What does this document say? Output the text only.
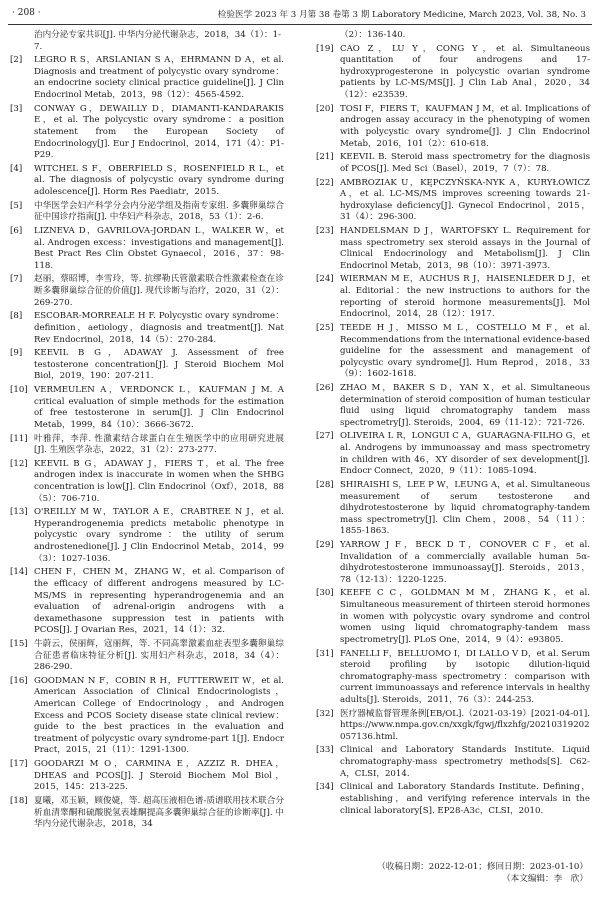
· 208 ·	检验医学 2023 年 3 月第 38 卷第 3 期 Laboratory Medicine, March 2023, Vol. 38, No. 3
治内分泌专家共识[J]. 中华内分泌代谢杂志，2018，34（1）：1-7.
[2]	LEGRO R S，ARSLANIAN S A，EHRMANN D A，et al. Diagnosis and treatment of polycystic ovary syndrome：an endocrine society clinical practice guideline[J]. J Clin Endocrinol Metab，2013，98（12）：4565-4592.
[3]	CONWAY G，DEWAILLY D，DIAMANTI-KANDARAKIS E，et al. The polycystic ovary syndrome：a position statement from the European Society of Endocrinology[J]. Eur J Endocrinol，2014，171（4）：P1-P29.
[4]	WITCHEL S F，OBERFIELD S，ROSENFIELD R L，et al. The diagnosis of polycystic ovary syndrome during adolescence[J]. Horm Res Paediatr，2015.
[5]	中华医学会妇产科学分会内分泌学组及指南专家组. 多囊卵巢综合征中国诊疗指南[J]. 中华妇产科杂志，2018，53（1）：2-6.
[6]	LIZNEVA D，GAVRILOVA-JORDAN L，WALKER W，et al. Androgen excess：investigations and management[J]. Best Pract Res Clin Obstet Gynaecol，2016，37：98-118.
[7]	赵丽，蔡昭博，李雪玲，等. 抗缪勒氏管激素联合性激素检查在诊断多囊卵巢综合征的价值[J]. 现代诊断与治疗，2020，31（2）：269-270.
[8]	ESCOBAR-MORREALE H F. Polycystic ovary syndrome：definition，aetiology，diagnosis and treatment[J]. Nat Rev Endocrinol，2018，14（5）：270-284.
[9]	KEEVIL B G，ADAWAY J. Assessment of free testosterone concentration[J]. J Steroid Biochem Mol Biol，2019，190：207-211.
[10] VERMEULEN A，VERDONCK L，KAUFMAN J M. A critical evaluation of simple methods for the estimation of free testosterone in serum[J]. J Clin Endocrinol Metab，1999，84（10）：3666-3672.
[11] 叶雅萍，李萍. 性激素结合球蛋白在生殖医学中的应用研究进展[J]. 生殖医学杂志，2022，31（2）：273-277.
[12] KEEVIL B G，ADAWAY J，FIERS T，et al. The free androgen index is inaccurate in women when the SHBG concentration is low[J]. Clin Endocrinol（Oxf），2018，88（5）：706-710.
[13] O'REILLY M W，TAYLOR A E，CRABTREE N J，et al. Hyperandrogenemia predicts metabolic phenotype in polycystic ovary syndrome：the utility of serum androstenedione[J]. J Clin Endocrinol Metab，2014，99（3）：1027-1036.
[14] CHEN F，CHEN M，ZHANG W，et al. Comparison of the efficacy of different androgens measured by LC-MS/MS in representing hyperandrogenemia and an evaluation of adrenal-origin androgens with a dexamethasone suppression test in patients with PCOS[J]. J Ovarian Res，2021，14（1）：32.
[15] 牛蔚云，侯丽辉，寇丽辉，等. 不同高睾激素血症表型多囊卵巢综合征患者临床特征分析[J]. 实用妇产科杂志，2018，34（4）：286-290.
[16] GOODMAN N F，COBIN R H，FUTTERWEIT W，et al. American Association of Clinical Endocrinologists，American College of Endocrinology，and Androgen Excess and PCOS Society disease state clinical review：guide to the best practices in the evaluation and treatment of polycystic ovary syndrome-part 1[J]. Endocr Pract，2015，21（11）：1291-1300.
[17] GOODARZI M O，CARMINA E，AZZIZ R. DHEA，DHEAS and PCOS[J]. J Steroid Biochem Mol Biol，2015，145：213-225.
[18] 夏曦，邓玉颖，顾俊婕，等. 超高压液相色谱-质谱联用技术联合分析血清睾酮和硫酸脱氢表雄酮提高多囊卵巢综合征的诊断率[J]. 中华内分泌代谢杂志，2018，34
（2）：136-140.
[19] CAO Z，LU Y，CONG Y，et al. Simultaneous quantitation of four androgens and 17-hydroxyprogesterone in polycystic ovarian syndrome patients by LC-MS/MS[J]. J Clin Lab Anal，2020，34（12）：e23539.
[20] TOSI F，FIERS T，KAUFMAN J M，et al. Implications of androgen assay accuracy in the phenotyping of women with polycystic ovary syndrome[J]. J Clin Endocrinol Metab，2016，101（2）：610-618.
[21] KEEVIL B. Steroid mass spectrometry for the diagnosis of PCOS[J]. Med Sci（Basel），2019，7（7）：78.
[22] AMBROZIAK U，KĘPCZYŃSKA-NYK A，KURYŁOWICZ A，et al. LC-MS/MS improves screening towards 21-hydroxylase deficiency[J]. Gynecol Endocrinol，2015，31（4）：296-300.
[23] HANDELSMAN D J，WARTOFSKY L. Requirement for mass spectrometry sex steroid assays in the Journal of Clinical Endocrinology and Metabolism[J]. J Clin Endocrinol Metab，2013，98（10）：3971-3973.
[24] WIERMAN M E，AUCHUS R J，HAISENLEDER D J，et al. Editorial：the new instructions to authors for the reporting of steroid hormone measurements[J]. Mol Endocrinol，2014，28（12）：1917.
[25] TEEDE H J，MISSO M L，COSTELLO M F，et al. Recommendations from the international evidence-based guideline for the assessment and management of polycystic ovary syndrome[J]. Hum Reprod，2018，33（9）：1602-1618.
[26] ZHAO M，BAKER S D，YAN X，et al. Simultaneous determination of steroid composition of human testicular fluid using liquid chromatography tandem mass spectrometry[J]. Steroids，2004，69（11-12）：721-726.
[27] OLIVEIRA L R，LONGUI C A，GUARAGNA-FILHO G，et al. Androgens by immunoassay and mass spectrometry in children with 46，XY disorder of sex development[J]. Endocr Connect，2020，9（11）：1085-1094.
[28] SHIRAISHI S，LEE P W，LEUNG A，et al. Simultaneous measurement of serum testosterone and dihydrotestosterone by liquid chromatography-tandem mass spectrometry[J]. Clin Chem，2008，54（11）：1855-1863.
[29] YARROW J F，BECK D T，CONOVER C F，et al. Invalidation of a commercially available human 5α-dihydrotestosterone immunoassay[J]. Steroids，2013，78（12-13）：1220-1225.
[30] KEEFE C C，GOLDMAN M M，ZHANG K，et al. Simultaneous measurement of thirteen steroid hormones in women with polycystic ovary syndrome and control women using liquid chromatography-tandem mass spectrometry[J]. PLoS One，2014，9（4）：e93805.
[31] FANELLI F，BELLUOMO I，DI LALLO V D，et al. Serum steroid profiling by isotopic dilution-liquid chromatography-mass spectrometry：comparison with current immunoassays and reference intervals in healthy adults[J]. Steroids，2011，76（3）：244-253.
[32] 医疗器械监督管理条例[EB/OL].（2021-03-19）[2021-04-01]. https://www.nmpa.gov.cn/xxgk/fgwj/flxzhfg/20210319202057136.html.
[33] Clinical and Laboratory Standards Institute. Liquid chromatography-mass spectrometry methods[S]. C62-A，CLSI，2014.
[34] Clinical and Laboratory Standards Institute. Defining，establishing，and verifying reference intervals in the clinical laboratory[S]. EP28-A3c，CLSI，2010.
（收稿日期：2022-12-01；修回日期：2023-01-10）
（本文编辑：李　欣）
